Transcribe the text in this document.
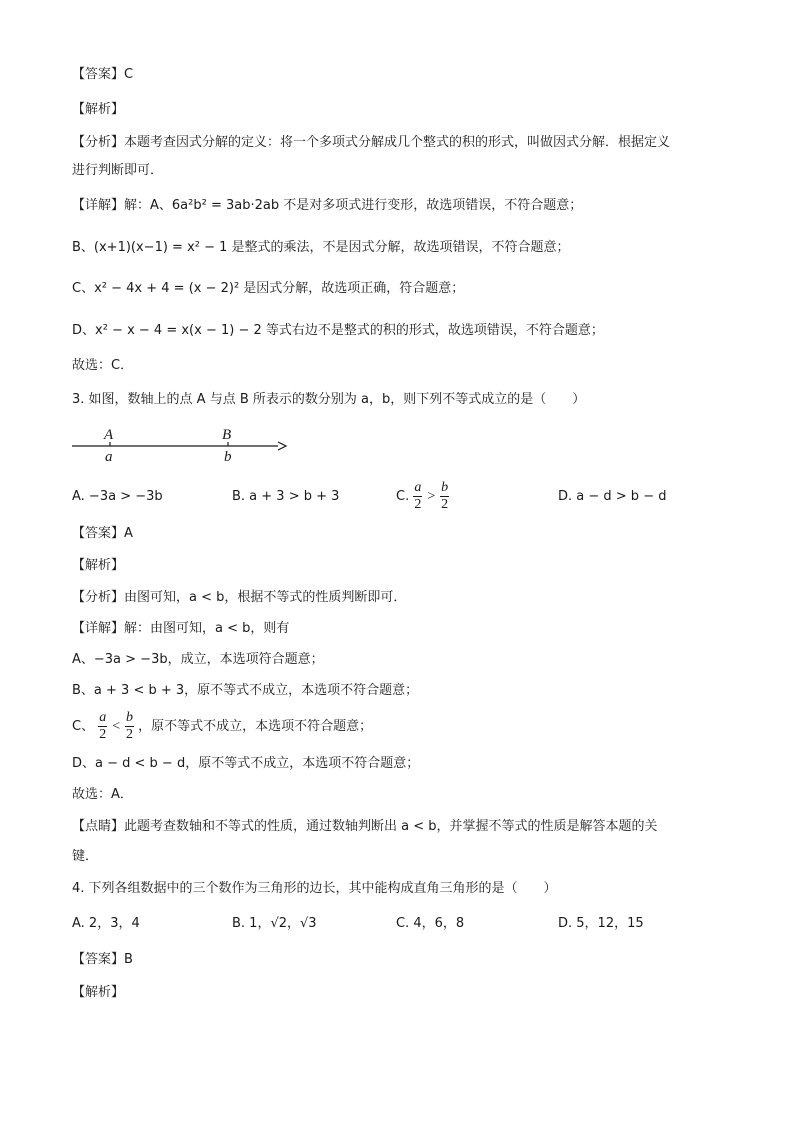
【答案】C
【解析】
【分析】本题考查因式分解的定义：将一个多项式分解成几个整式的积的形式，叫做因式分解．根据定义
进行判断即可．
【详解】解：A、6a²b² = 3ab·2ab 不是对多项式进行变形，故选项错误，不符合题意；
B、(x+1)(x−1) = x² − 1 是整式的乘法，不是因式分解，故选项错误，不符合题意；
C、x² − 4x + 4 = (x − 2)² 是因式分解，故选项正确，符合题意；
D、x² − x − 4 = x(x − 1) − 2 等式右边不是整式的积的形式，故选项错误，不符合题意；
故选：C．
3. 如图，数轴上的点 A 与点 B 所表示的数分别为 a，b，则下列不等式成立的是（　　）
A
a
B
b
A. −3a > −3b	B. a + 3 > b + 3	C. $\frac{a}{2} > \frac{b}{2}$	D. a − d > b − d
【答案】A
【解析】
【分析】由图可知，a < b，根据不等式的性质判断即可．
【详解】解：由图可知，a < b，则有
A、−3a > −3b，成立，本选项符合题意；
B、a + 3 < b + 3，原不等式不成立，本选项不符合题意；
C、 $\frac{a}{2} < \frac{b}{2}$ ，原不等式不成立，本选项不符合题意；
D、a − d < b − d，原不等式不成立，本选项不符合题意；
故选：A．
【点睛】此题考查数轴和不等式的性质，通过数轴判断出 a < b，并掌握不等式的性质是解答本题的关
键．
4. 下列各组数据中的三个数作为三角形的边长，其中能构成直角三角形的是（　　）
A. 2，3，4	B. 1，√2，√3	C. 4，6，8	D. 5，12，15
【答案】B
【解析】
